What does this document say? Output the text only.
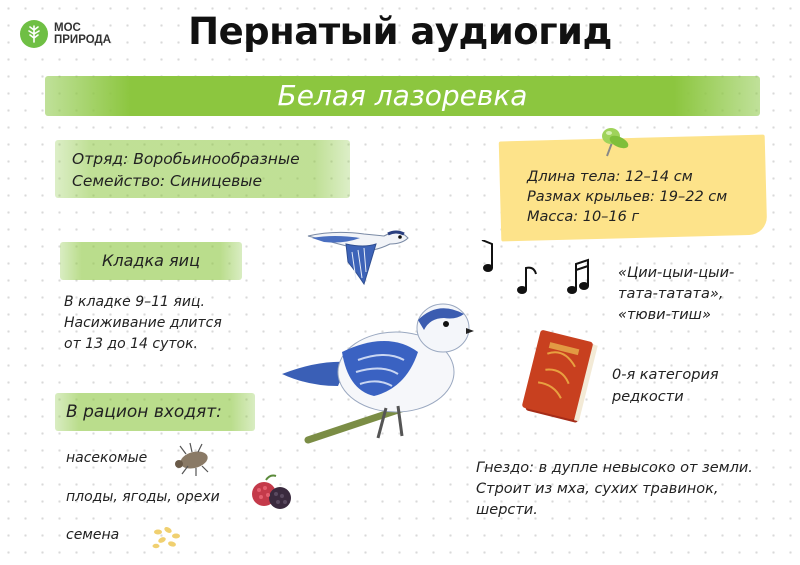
МОС
ПРИРОДА	Пернатый аудиогид
Белая лазоревка
Отряд: Воробьинообразные
Семейство: Синицевые	Длина тела: 12–14 см
Размах крыльев: 19–22 см
Масса: 10–16 г
«Ции-цыи-цыи-
тата-тататa»,
«тюви-тиш»
0-я категория
редкости
Кладка яиц
В кладке 9–11 яиц.
Насиживание длится
от 13 до 14 суток.
В рацион входят:
насекомые
плоды, ягоды, орехи
семена
Гнездо: в дупле невысоко от земли.
Строит из мха, сухих травинок,
шерсти.
